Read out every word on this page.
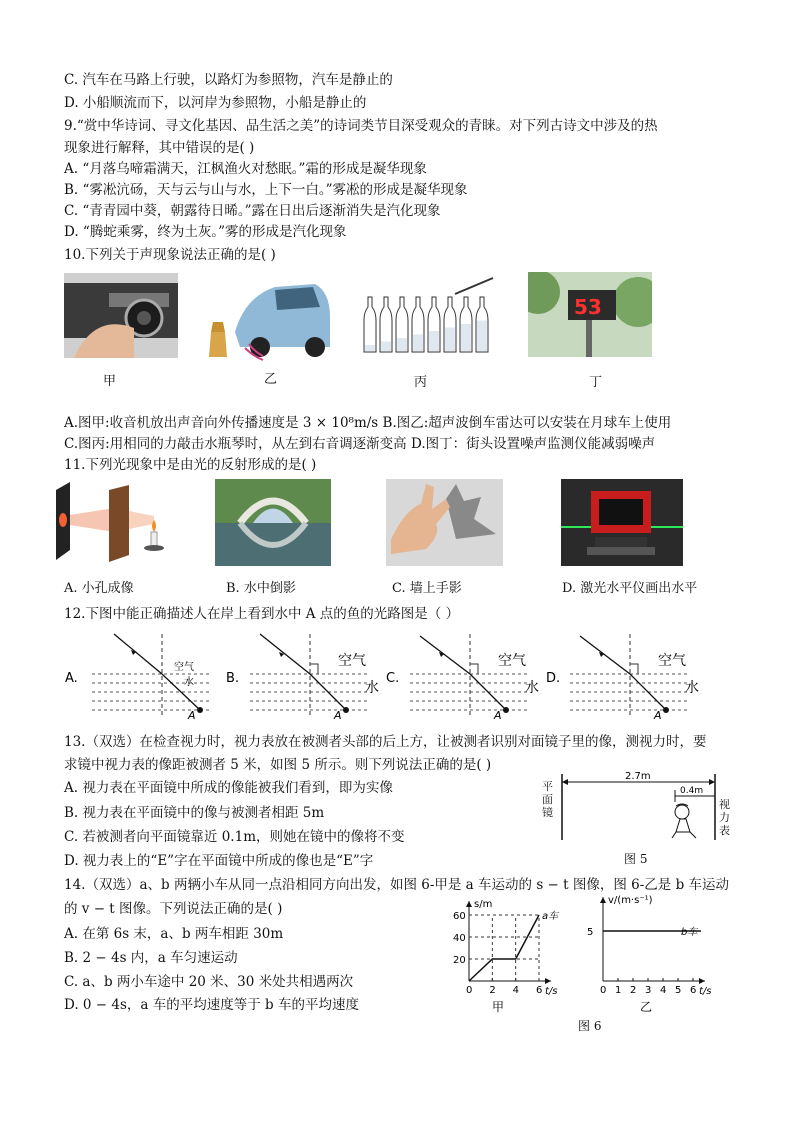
C. 汽车在马路上行驶，以路灯为参照物，汽车是静止的
D. 小船顺流而下，以河岸为参照物，小船是静止的
9.“赏中华诗词、寻文化基因、品生活之美”的诗词类节目深受观众的青睐。对下列古诗文中涉及的热
现象进行解释，其中错误的是( )
A. “月落乌啼霜满天，江枫渔火对愁眠。”霜的形成是凝华现象
B. “雾凇沆砀，天与云与山与水，上下一白。”雾凇的形成是凝华现象
C. “青青园中葵，朝露待日晞。”露在日出后逐渐消失是汽化现象
D. “腾蛇乘雾，终为土灰。”雾的形成是汽化现象
10.下列关于声现象说法正确的是( )
53
甲	乙	丙	丁
A.图甲:收音机放出声音向外传播速度是 3 × 10⁸m/s B.图乙:超声波倒车雷达可以安装在月球车上使用
C.图丙:用相同的力敲击水瓶琴时，从左到右音调逐渐变高 D.图丁：街头设置噪声监测仪能减弱噪声
11.下列光现象中是由光的反射形成的是( )
A. 小孔成像	B. 水中倒影	C. 墙上手影	D. 激光水平仪画出水平
12.下图中能正确描述人在岸上看到水中 A 点的鱼的光路图是（ ）
A.
空气
水
A
B.
空气
水
A
C.
空气
水
A
D.
空气
水
A
13.（双选）在检查视力时，视力表放在被测者头部的后上方，让被测者识别对面镜子里的像，测视力时，要
求镜中视力表的像距被测者 5 米，如图 5 所示。则下列说法正确的是( )
A. 视力表在平面镜中所成的像能被我们看到，即为实像
B. 视力表在平面镜中的像与被测者相距 5m
C. 若被测者向平面镜靠近 0.1m，则她在镜中的像将不变
D. 视力表上的“E”字在平面镜中所成的像也是“E”字
2.7m
0.4m
平面镜
视力表
图 5
14.（双选）a、b 两辆小车从同一点沿相同方向出发，如图 6-甲是 a 车运动的 s − t 图像，图 6-乙是 b 车运动
的 v − t 图像。下列说法正确的是( )
A. 在第 6s 末，a、b 两车相距 30m
B. 2 − 4s 内，a 车匀速运动
C. a、b 两小车途中 20 米、30 米处共相遇两次
D. 0 − 4s，a 车的平均速度等于 b 车的平均速度
s/m
t/s
0 2 4 6
60
40
20
a车
甲
v/(m·s⁻¹)
t/s
0 1 2 3 4 5 6
5	b车
乙
图 6
